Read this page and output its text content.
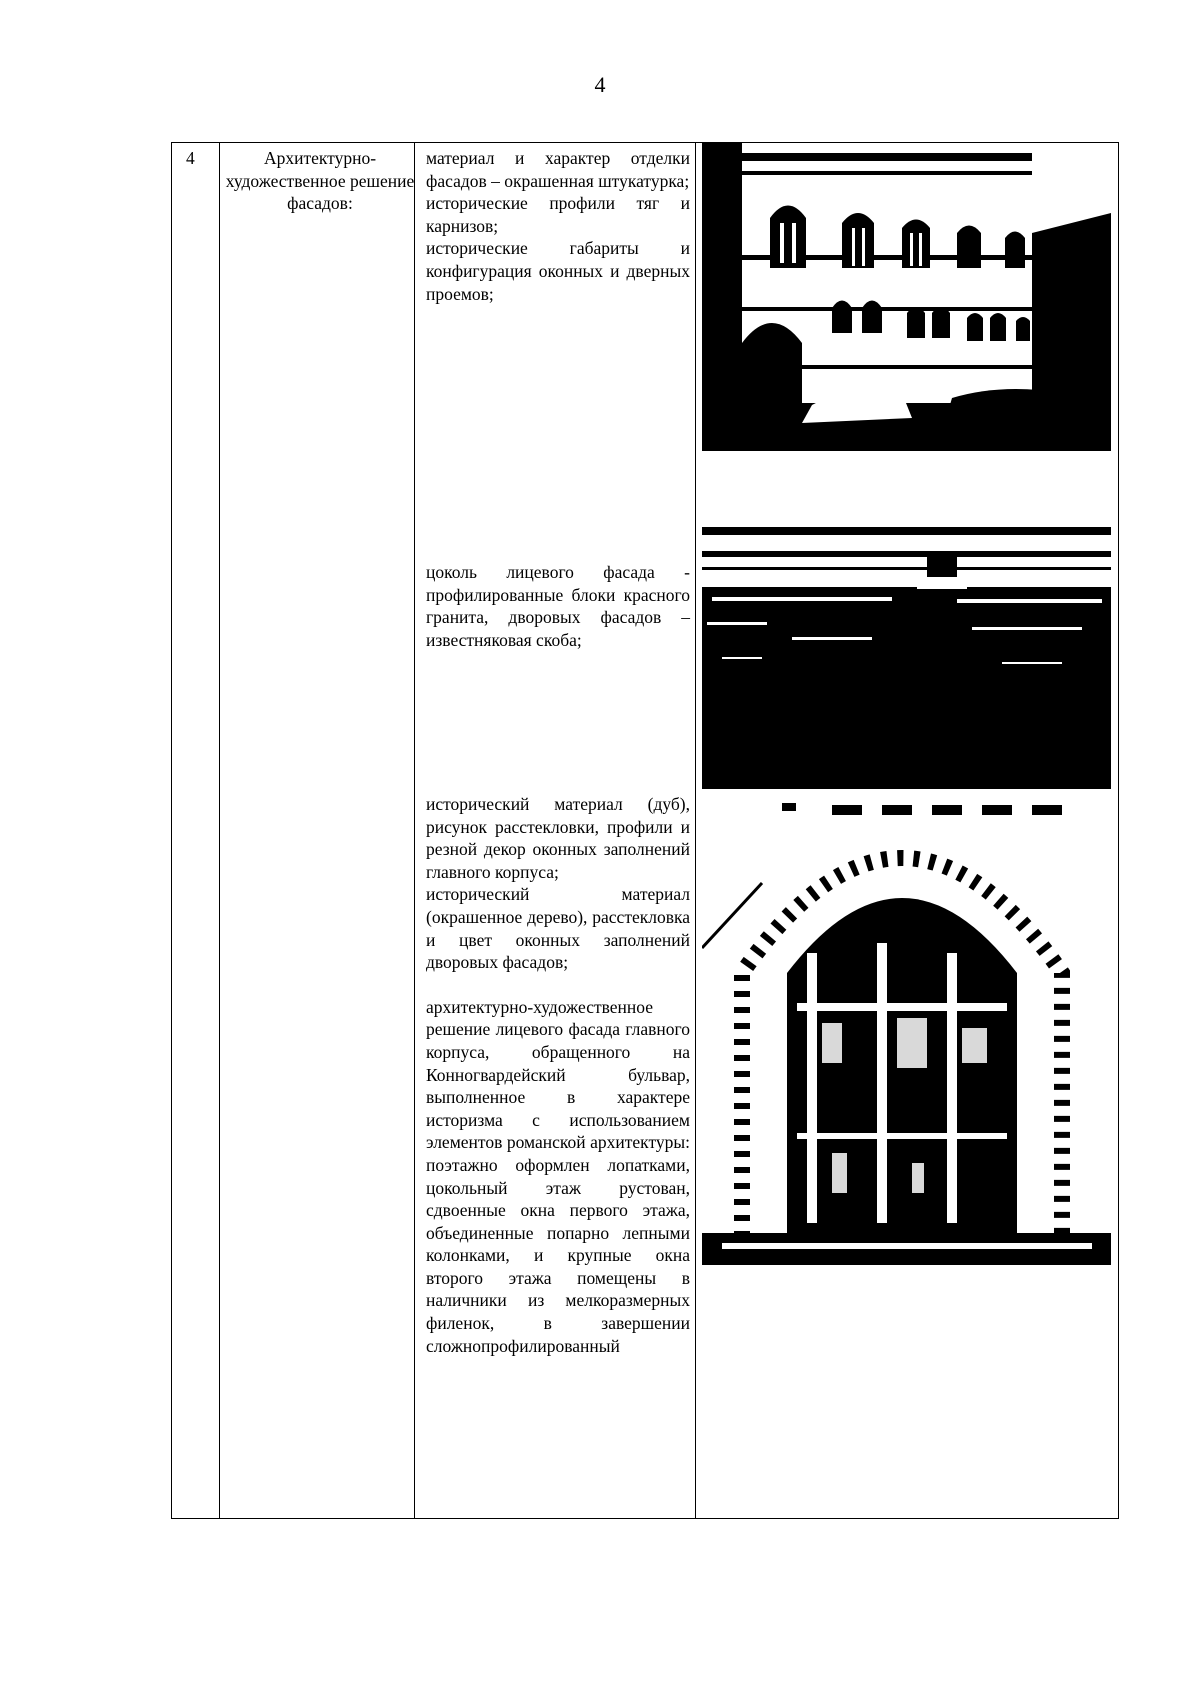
4
4	Архитектурно-художественное решение фасадов:

материал и характер отделки фасадов – окрашенная штукатурка;

исторические профили тяг и карнизов;

исторические габариты и конфигурация оконных и дверных проемов;

цоколь лицевого фасада - профилированные блоки красного гранита, дворовых фасадов – известняковая скоба;

исторический материал (дуб), рисунок расстекловки, профили и резной декор оконных заполнений главного корпуса;

исторический материал (окрашенное дерево), расстекловка и цвет оконных заполнений дворовых фасадов;

архитектурно-художественное решение лицевого фасада главного корпуса, обращенного на Конногвардейский бульвар, выполненное в характере историзма с использованием элементов романской архитектуры: поэтажно оформлен лопатками, цокольный этаж рустован, сдвоенные окна первого этажа, объединенные попарно лепными колонками, и крупные окна второго этажа помещены в наличники из мелкоразмерных филенок, в завершении сложнопрофилированный
